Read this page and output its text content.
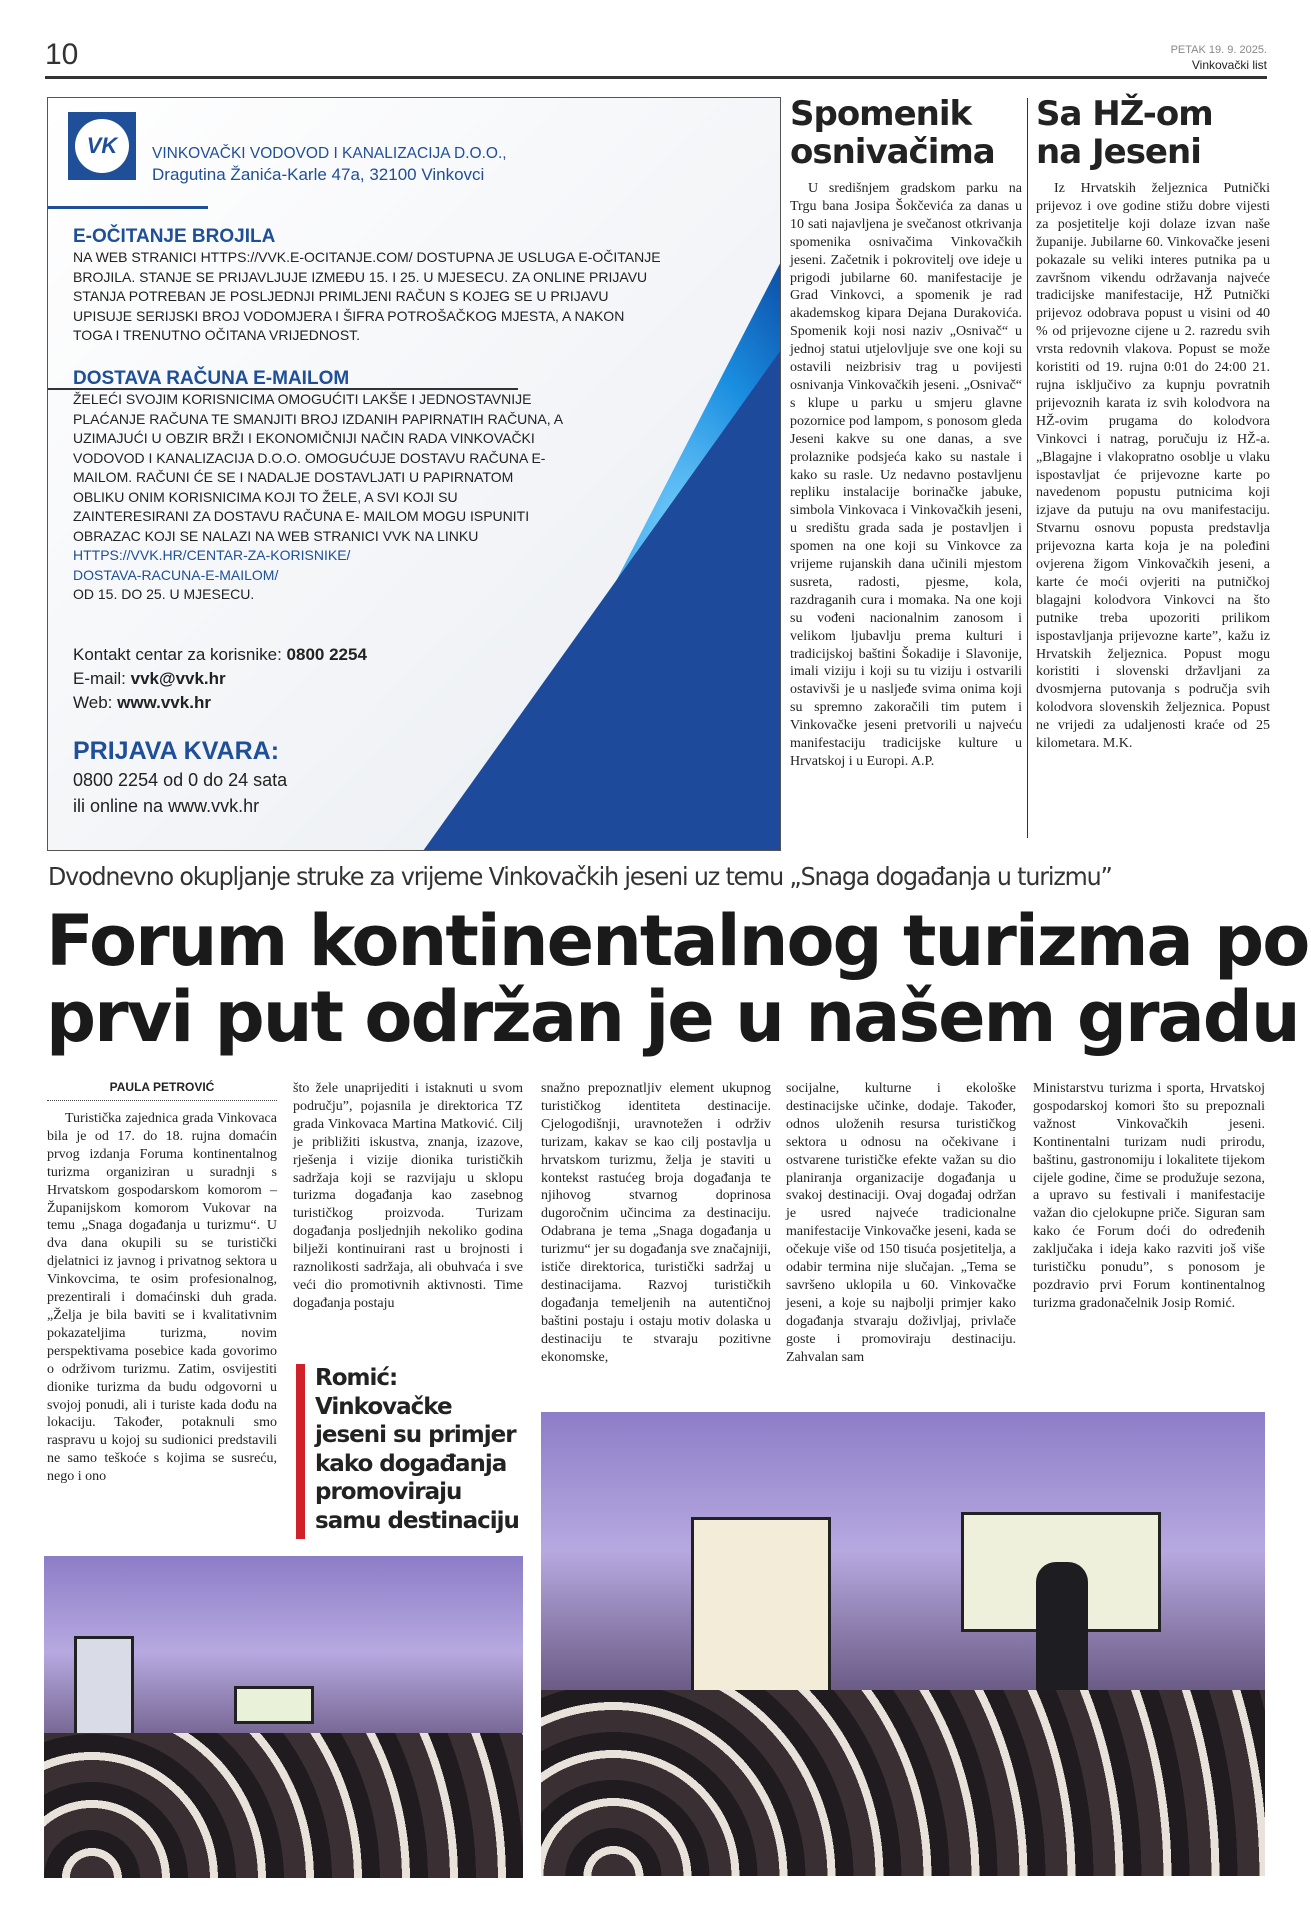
10	PETAK 19. 9. 2025.
Vinkovački list
VK	VINKOVAČKI VODOVOD I KANALIZACIJA D.O.O.,
Dragutina Žanića-Karle 47a, 32100 Vinkovci
E-OČITANJE BROJILA
NA WEB STRANICI HTTPS://VVK.E-OCITANJE.COM/ DOSTUPNA JE USLUGA E-OČITANJE BROJILA. STANJE SE PRIJAVLJUJE IZMEĐU 15. I 25. U MJESECU. ZA ONLINE PRIJAVU STANJA POTREBAN JE POSLJEDNJI PRIMLJENI RAČUN S KOJEG SE U PRIJAVU UPISUJE SERIJSKI BROJ VODOMJERA I ŠIFRA POTROŠAČKOG MJESTA, A NAKON TOGA I TRENUTNO OČITANA VRIJEDNOST.
DOSTAVA RAČUNA E-MAILOM
ŽELEĆI SVOJIM KORISNICIMA OMOGUĆITI LAKŠE I JEDNOSTAVNIJE PLAĆANJE RAČUNA TE SMANJITI BROJ IZDANIH PAPIRNATIH RAČUNA, A UZIMAJUĆI U OBZIR BRŽI I EKONOMIČNIJI NAČIN RADA VINKOVAČKI VODOVOD I KANALIZACIJA D.O.O. OMOGUĆUJE DOSTAVU RAČUNA E-MAILOM. RAČUNI ĆE SE I NADALJE DOSTAVLJATI U PAPIRNATOM OBLIKU ONIM KORISNICIMA KOJI TO ŽELE, A SVI KOJI SU ZAINTERESIRANI ZA DOSTAVU RAČUNA E- MAILOM MOGU ISPUNITI OBRAZAC KOJI SE NALAZI NA WEB STRANICI VVK NA LINKU
HTTPS://VVK.HR/CENTAR-ZA-KORISNIKE/
DOSTAVA-RACUNA-E-MAILOM/
OD 15. DO 25. U MJESECU.
Kontakt centar za korisnike: 0800 2254
E-mail: vvk@vvk.hr
Web: www.vvk.hr
PRIJAVA KVARA:
0800 2254 od 0 do 24 sata
ili online na www.vvk.hr
Spomenik osnivačima

U središnjem gradskom parku na Trgu bana Josipa Šokčevića za danas u 10 sati najavljena je svečanost otkrivanja spomenika osnivačima Vinkovačkih jeseni. Začetnik i pokrovitelj ove ideje u prigodi jubilarne 60. manifestacije je Grad Vinkovci, a spomenik je rad akademskog kipara Dejana Durakovića. Spomenik koji nosi naziv „Osnivač“ u jednoj statui utjelovljuje sve one koji su ostavili neizbrisiv trag u povijesti osnivanja Vinkovačkih jeseni. „Osnivač“ s klupe u parku u smjeru glavne pozornice pod lampom, s ponosom gleda Jeseni kakve su one danas, a sve prolaznike podsjeća kako su nastale i kako su rasle. Uz nedavno postavljenu repliku instalacije borinačke jabuke, simbola Vinkovaca i Vinkovačkih jeseni, u središtu grada sada je postavljen i spomen na one koji su Vinkovce za vrijeme rujanskih dana učinili mjestom susreta, radosti, pjesme, kola, razdraganih cura i momaka. Na one koji su vođeni nacionalnim zanosom i velikom ljubavlju prema kulturi i tradicijskoj baštini Šokadije i Slavonije, imali viziju i koji su tu viziju i ostvarili ostavivši je u nasljeđe svima onima koji su spremno zakoračili tim putem i Vinkovačke jeseni pretvorili u najveću manifestaciju tradicijske kulture u Hrvatskoj i u Europi. A.P.

Sa HŽ-om na Jeseni

Iz Hrvatskih željeznica Putnički prijevoz i ove godine stižu dobre vijesti za posjetitelje koji dolaze izvan naše županije. Jubilarne 60. Vinkovačke jeseni pokazale su veliki interes putnika pa u završnom vikendu održavanja najveće tradicijske manifestacije, HŽ Putnički prijevoz odobrava popust u visini od 40 % od prijevozne cijene u 2. razredu svih vrsta redovnih vlakova. Popust se može koristiti od 19. rujna 0:01 do 24:00 21. rujna isključivo za kupnju povratnih prijevoznih karata iz svih kolodvora na HŽ-ovim prugama do kolodvora Vinkovci i natrag, poručuju iz HŽ-a. „Blagajne i vlakopratno osoblje u vlaku ispostavljat će prijevozne karte po navedenom popustu putnicima koji izjave da putuju na ovu manifestaciju. Stvarnu osnovu popusta predstavlja prijevozna karta koja je na poleđini ovjerena žigom Vinkovačkih jeseni, a karte će moći ovjeriti na putničkoj blagajni kolodvora Vinkovci na što putnike treba upozoriti prilikom ispostavljanja prijevozne karte”, kažu iz Hrvatskih željeznica. Popust mogu koristiti i slovenski državljani za dvosmjerna putovanja s područja svih kolodvora slovenskih željeznica. Popust ne vrijedi za udaljenosti kraće od 25 kilometara. M.K.

Dvodnevno okupljanje struke za vrijeme Vinkovačkih jeseni uz temu „Snaga događanja u turizmu”
Forum kontinentalnog turizma po
prvi put održan je u našem gradu
PAULA PETROVIĆ

Turistička zajednica grada Vinkovaca bila je od 17. do 18. rujna domaćin prvog izdanja Foruma kontinentalnog turizma organiziran u suradnji s Hrvatskom gospodarskom komorom – Županijskom komorom Vukovar na temu „Snaga događanja u turizmu“. U dva dana okupili su se turistički djelatnici iz javnog i privatnog sektora u Vinkovcima, te osim profesionalnog, prezentirali i domaćinski duh grada. „Željа je bila baviti se i kvalitativnim pokazateljima turizma, novim perspektivama posebice kada govorimo o održivom turizmu. Zatim, osvijestiti dionike turizma da budu odgovorni u svojoj ponudi, ali i turiste kada dođu na lokaciju. Također, potaknuli smo raspravu u kojoj su sudionici predstavili ne samo teškoće s kojima se susreću, nego i ono

što žele unaprijediti i istaknuti u svom području”, pojasnila je direktorica TZ grada Vinkovaca Martina Matković. Cilj je približiti iskustva, znanja, izazove, rješenja i vizije dionika turističkih sadržaja koji se razvijaju u sklopu turizma događanja kao zasebnog turističkog proizvoda. Turizam događanja posljednjih nekoliko godina bilježi kontinuirani rast u brojnosti i raznolikosti sadržaja, ali obuhvaća i sve veći dio promotivnih aktivnosti. Time događanja postaju

Romić: Vinkovačke jeseni su primjer kako događanja promoviraju samu destinaciju

snažno prepoznatljiv element ukupnog turističkog identiteta destinacije. Cjelogodišnji, uravnotežen i održiv turizam, kakav se kao cilj postavlja u hrvatskom turizmu, želja je staviti u kontekst rastućeg broja događanja te njihovog stvarnog doprinosa dugoročnim učincima za destinaciju. Odabrana je tema „Snaga događanja u turizmu“ jer su događanja sve značajniji, ističe direktorica, turistički sadržaj u destinacijama. Razvoj turističkih događanja temeljenih na autentičnoj baštini postaju i ostaju motiv dolaska u destinaciju te stvaraju pozitivne ekonomske,

socijalne, kulturne i ekološke destinacijske učinke, dodaje. Također, odnos uloženih resursa turističkog sektora u odnosu na očekivane i ostvarene turističke efekte važan su dio planiranja organizacije događanja u svakoj destinaciji. Ovaj događaj održan je usred najveće tradicionalne manifestacije Vinkovačke jeseni, kada se očekuje više od 150 tisuća posjetitelja, a odabir termina nije slučajan. „Tema se savršeno uklopila u 60. Vinkovačke jeseni, a koje su najbolji primjer kako događanja stvaraju doživljaj, privlače goste i promoviraju destinaciju. Zahvalan sam

Ministarstvu turizma i sporta, Hrvatskoj gospodarskoj komori što su prepoznali važnost Vinkovačkih jeseni. Kontinentalni turizam nudi prirodu, baštinu, gastronomiju i lokalitete tijekom cijele godine, čime se produžuje sezona, a upravo su festivali i manifestacije važan dio cjelokupne priče. Siguran sam kako će Forum doći do određenih zaključaka i ideja kako razviti još više turističku ponudu”, s ponosom je pozdravio prvi Forum kontinentalnog turizma gradonačelnik Josip Romić.
